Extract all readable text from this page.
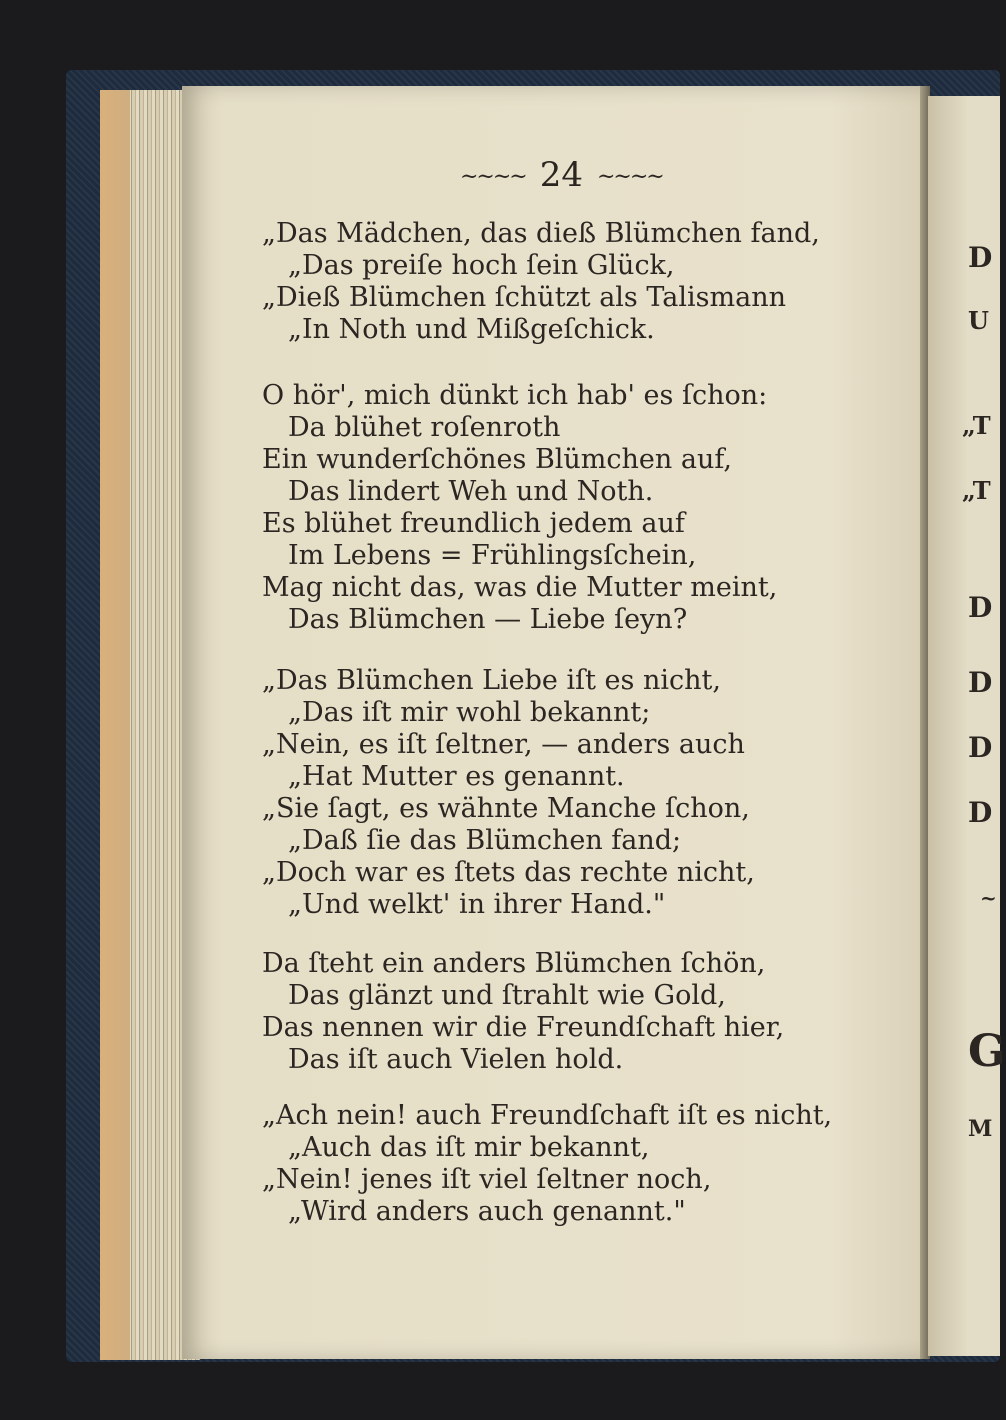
D
U
„T
„T
D
D
D
D
~
G
M
~~~~ 24 ~~~~
„Das Mädchen, das dieß Blümchen fand,
„Das preiſe hoch ſein Glück,
„Dieß Blümchen ſchützt als Talismann
„In Noth und Mißgeſchick.
O hör', mich dünkt ich hab' es ſchon:
Da blühet roſenroth
Ein wunderſchönes Blümchen auf,
Das lindert Weh und Noth.
Es blühet freundlich jedem auf
Im Lebens = Frühlingsſchein,
Mag nicht das, was die Mutter meint,
Das Blümchen — Liebe ſeyn?
„Das Blümchen Liebe iſt es nicht,
„Das iſt mir wohl bekannt;
„Nein, es iſt ſeltner, — anders auch
„Hat Mutter es genannt.
„Sie ſagt, es wähnte Manche ſchon,
„Daß ſie das Blümchen fand;
„Doch war es ſtets das rechte nicht,
„Und welkt' in ihrer Hand."
Da ſteht ein anders Blümchen ſchön,
Das glänzt und ſtrahlt wie Gold,
Das nennen wir die Freundſchaft hier,
Das iſt auch Vielen hold.
„Ach nein! auch Freundſchaft iſt es nicht,
„Auch das iſt mir bekannt,
„Nein! jenes iſt viel ſeltner noch,
„Wird anders auch genannt."
